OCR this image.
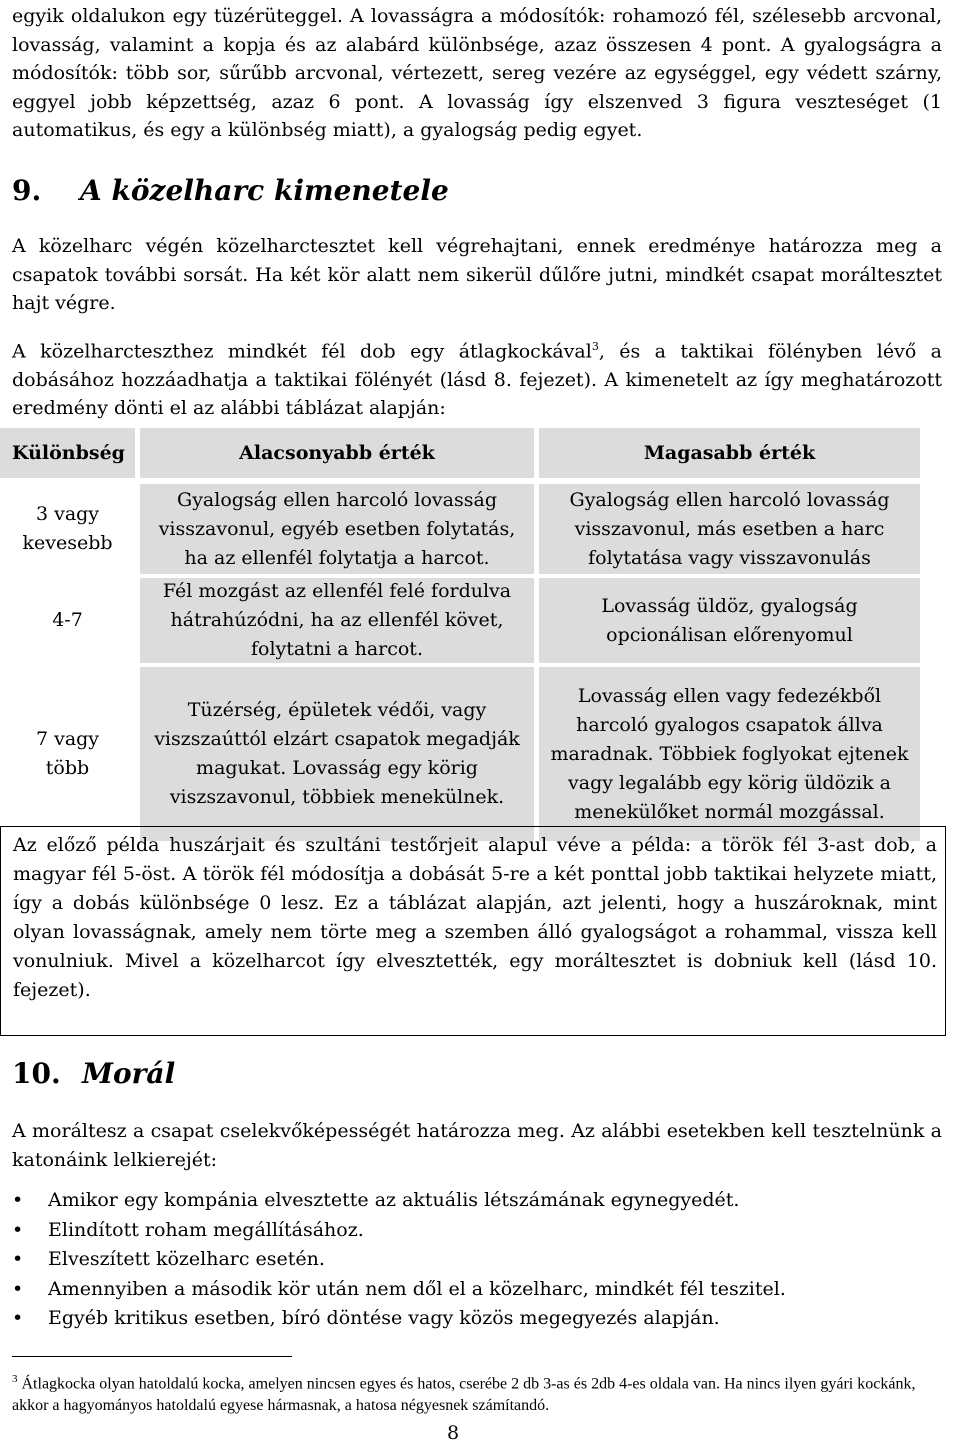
egyik oldalukon egy tüzérüteggel. A lovasságra a módosítók: rohamozó fél, szélesebb arcvonal, lovasság, valamint a kopja és az alabárd különbsége, azaz összesen 4 pont. A gyalogságra a módosítók: több sor, sűrűbb arcvonal, vértezett, sereg vezére az egységgel, egy védett szárny, eggyel jobb képzettség, azaz 6 pont. A lovasság így elszenved 3 figura veszteséget (1 automatikus, és egy a különbség miatt), a gyalogság pedig egyet.

9. A közelharc kimenetele

A közelharc végén közelharctesztet kell végrehajtani, ennek eredménye határozza meg a csapatok további sorsát. Ha két kör alatt nem sikerül dűlőre jutni, mindkét csapat moráltesztet hajt végre.

A közelharcteszthez mindkét fél dob egy átlagkockával$^3$, és a taktikai fölényben lévő a dobásához hozzáadhatja a taktikai fölényét (lásd 8. fejezet). A kimenetelt az így meghatározott eredmény dönti el az alábbi táblázat alapján:

Különbség	Alacsonyabb érték	Magasabb érték
3 vagy kevesebb
Gyalogság ellen harcoló lovasság visszavonul, egyéb esetben folytatás, ha az ellenfél folytatja a harcot.
Gyalogság ellen harcoló lovasság visszavonul, más esetben a harc folytatása vagy visszavonulás
4-7
Fél mozgást az ellenfél felé fordulva hátrahúzódni, ha az ellenfél követ, folytatni a harcot.
Lovasság üldöz, gyalogság opcionálisan előrenyomul
7 vagy több
Tüzérség, épületek védői, vagy viszszaúttól elzárt csapatok megadják magukat. Lovasság egy körig viszszavonul, többiek menekülnek.
Lovasság ellen vagy fedezékből harcoló gyalogos csapatok állva maradnak. Többiek foglyokat ejtenek vagy legalább egy körig üldözik a menekülőket normál mozgással.

Az előző példa huszárjait és szultáni testőrjeit alapul véve a példa: a török fél 3-ast dob, a magyar fél 5-öst. A török fél módosítja a dobását 5-re a két ponttal jobb taktikai helyzete miatt, így a dobás különbsége 0 lesz. Ez a táblázat alapján, azt jelenti, hogy a huszároknak, mint olyan lovasságnak, amely nem törte meg a szemben álló gyalogságot a rohammal, vissza kell vonulniuk. Mivel a közelharcot így elvesztették, egy moráltesztet is dobniuk kell (lásd 10. fejezet).

10. Morál

A moráltesz a csapat cselekvőképességét határozza meg. Az alábbi esetekben kell tesztelnünk a katonáink lelkierejét:

• Amikor egy kompánia elvesztette az aktuális létszámának egynegyedét.
• Elindított roham megállításához.
• Elveszített közelharc esetén.
• Amennyiben a második kör után nem dől el a közelharc, mindkét fél teszitel.
• Egyéb kritikus esetben, bíró döntése vagy közös megegyezés alapján.

$^3$ Átlagkocka olyan hatoldalú kocka, amelyen nincsen egyes és hatos, cserébe 2 db 3-as és 2db 4-es oldala van. Ha nincs ilyen gyári kockánk, akkor a hagyományos hatoldalú egyese hármasnak, a hatosa négyesnek számítandó.

8
